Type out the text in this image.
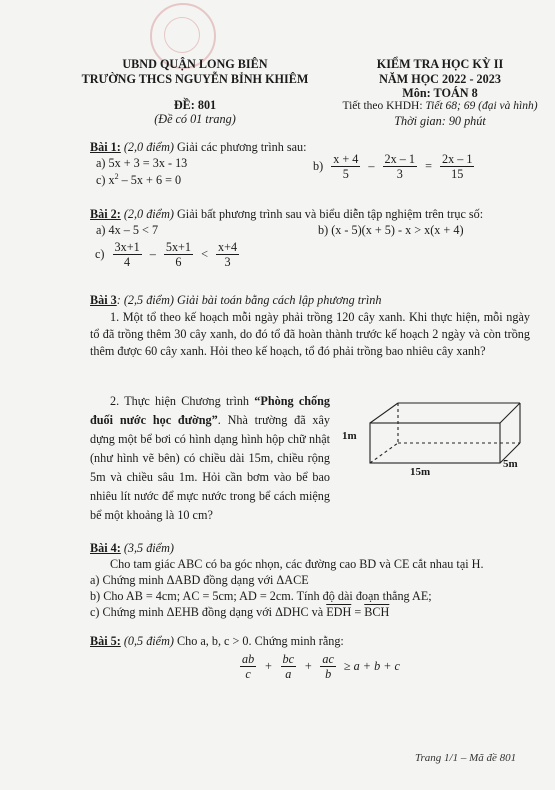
UBND QUẬN LONG BIÊN
TRƯỜNG THCS NGUYỄN BỈNH KHIÊM
ĐỀ: 801
(Đề có 01 trang)
KIỂM TRA HỌC KỲ II
NĂM HỌC 2022 - 2023
Môn: TOÁN 8
Tiết theo KHDH: Tiết 68; 69 (đại và hình)
Thời gian: 90 phút
Bài 1: (2,0 điểm) Giải các phương trình sau:
a) 5x + 3 = 3x - 13
c) $x^2 - 5x + 6 = 0$
$b) \frac{x + 4}{5} - \frac{2x - 1}{3} = \frac{2x - 1}{15}$
Bài 2: (2,0 điểm) Giải bất phương trình sau và biểu diễn tập nghiệm trên trục số:
a) 4x – 5 < 7	b) (x - 5)(x + 5) - x > x(x + 4)
$c) \frac{3x+1}{4} - \frac{5x+1}{6} < \frac{x+4}{3}$
Bài 3: (2,5 điểm) Giải bài toán bằng cách lập phương trình
1. Một tổ theo kế hoạch mỗi ngày phải trồng 120 cây xanh. Khi thực hiện, mỗi ngày tổ đã trồng thêm 30 cây xanh, do đó tổ đã hoàn thành trước kế hoạch 2 ngày và còn trồng thêm được 60 cây xanh. Hỏi theo kế hoạch, tổ đó phải trồng bao nhiêu cây xanh?
2. Thực hiện Chương trình “Phòng chống đuối nước học đường”. Nhà trường đã xây dựng một bể bơi có hình dạng hình hộp chữ nhật (như hình vẽ bên) có chiều dài 15m, chiều rộng 5m và chiều sâu 1m. Hỏi cần bơm vào bể bao nhiêu lít nước để mực nước trong bể cách miệng bể một khoảng là 10 cm?
1m
15m
5m
Bài 4: (3,5 điểm)
Cho tam giác ABC có ba góc nhọn, các đường cao BD và CE cắt nhau tại H.
a) Chứng minh ΔABD đồng dạng với ΔACE
b) Cho AB = 4cm; AC = 5cm; AD = 2cm. Tính độ dài đoạn thẳng AE;
c) Chứng minh ΔEHB đồng dạng với ΔDHC và $\overline{EDH} = \overline{BCH}$
Bài 5: (0,5 điểm) Cho a, b, c > 0. Chứng minh rằng:
$\frac{ab}{c} + \frac{bc}{a} + \frac{ac}{b} \ge a + b + c$
Trang 1/1 – Mã đề 801
